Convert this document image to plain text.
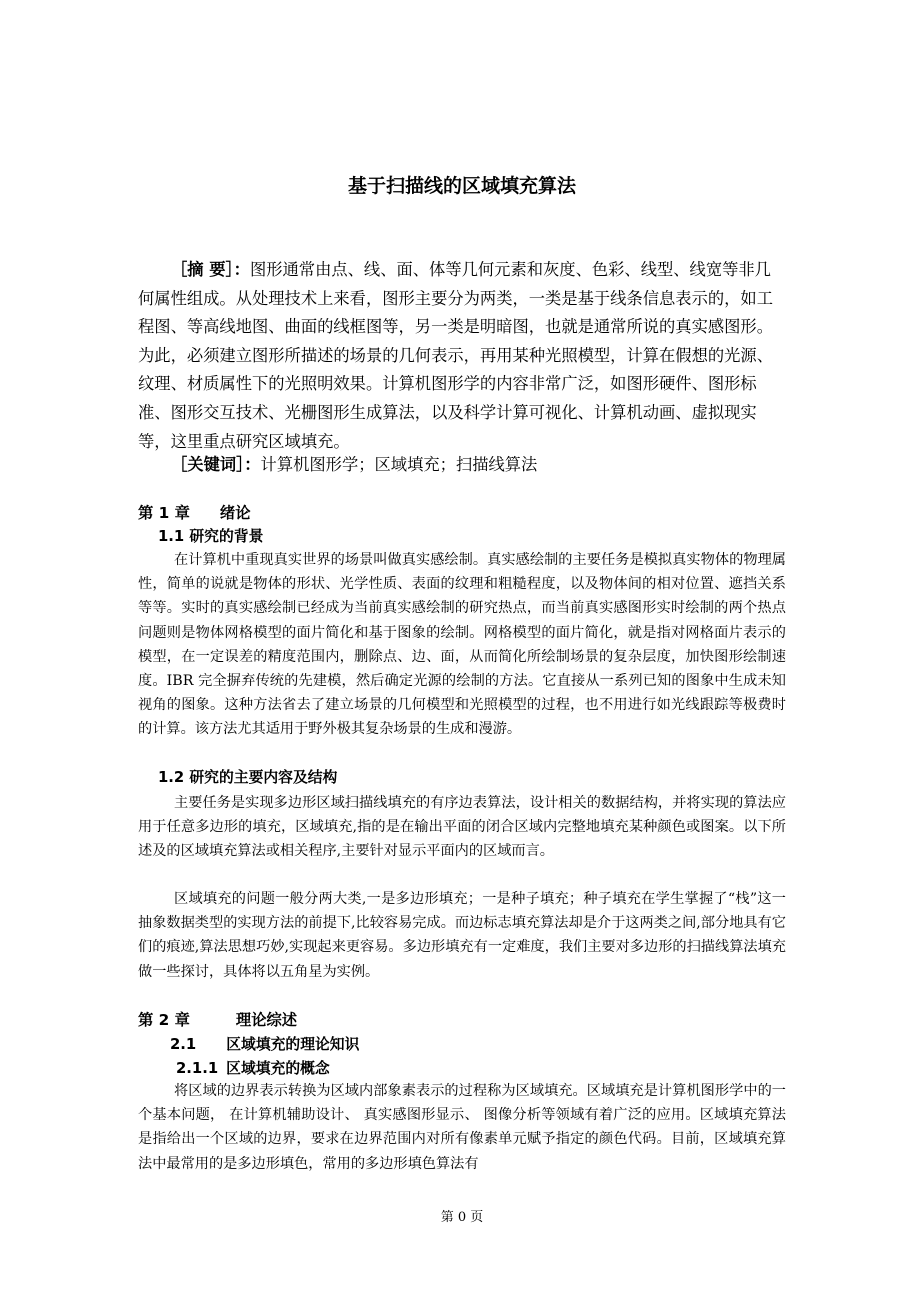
基于扫描线的区域填充算法

［摘 要］：图形通常由点、线、面、体等几何元素和灰度、色彩、线型、线宽等非几何属性组成。从处理技术上来看，图形主要分为两类，一类是基于线条信息表示的，如工程图、等高线地图、曲面的线框图等，另一类是明暗图，也就是通常所说的真实感图形。为此，必须建立图形所描述的场景的几何表示，再用某种光照模型，计算在假想的光源、纹理、材质属性下的光照明效果。计算机图形学的内容非常广泛，如图形硬件、图形标准、图形交互技术、光栅图形生成算法，以及科学计算可视化、计算机动画、虚拟现实等，这里重点研究区域填充。

［关键词］：计算机图形学；区域填充；扫描线算法

第 1 章 绪论
1.1 研究的背景

在计算机中重现真实世界的场景叫做真实感绘制。真实感绘制的主要任务是模拟真实物体的物理属性，简单的说就是物体的形状、光学性质、表面的纹理和粗糙程度，以及物体间的相对位置、遮挡关系等等。实时的真实感绘制已经成为当前真实感绘制的研究热点，而当前真实感图形实时绘制的两个热点问题则是物体网格模型的面片简化和基于图象的绘制。网格模型的面片简化，就是指对网格面片表示的模型，在一定误差的精度范围内，删除点、边、面，从而简化所绘制场景的复杂层度，加快图形绘制速度。IBR 完全摒弃传统的先建模，然后确定光源的绘制的方法。它直接从一系列已知的图象中生成未知视角的图象。这种方法省去了建立场景的几何模型和光照模型的过程，也不用进行如光线跟踪等极费时的计算。该方法尤其适用于野外极其复杂场景的生成和漫游。

1.2 研究的主要内容及结构

主要任务是实现多边形区域扫描线填充的有序边表算法，设计相关的数据结构，并将实现的算法应用于任意多边形的填充，区域填充,指的是在输出平面的闭合区域内完整地填充某种颜色或图案。以下所述及的区域填充算法或相关程序,主要针对显示平面内的区域而言。

区域填充的问题一般分两大类,一是多边形填充；一是种子填充；种子填充在学生掌握了“栈”这一抽象数据类型的实现方法的前提下,比较容易完成。而边标志填充算法却是介于这两类之间,部分地具有它们的痕迹,算法思想巧妙,实现起来更容易。多边形填充有一定难度，我们主要对多边形的扫描线算法填充做一些探讨，具体将以五角星为实例。

第 2 章	理论综述
2.1 区域填充的理论知识
2.1.1 区域填充的概念

将区域的边界表示转换为区域内部象素表示的过程称为区域填充。区域填充是计算机图形学中的一个基本问题， 在计算机辅助设计、 真实感图形显示、 图像分析等领域有着广泛的应用。区域填充算法是指给出一个区域的边界，要求在边界范围内对所有像素单元赋予指定的颜色代码。目前，区域填充算法中最常用的是多边形填色，常用的多边形填色算法有

第 0 页
